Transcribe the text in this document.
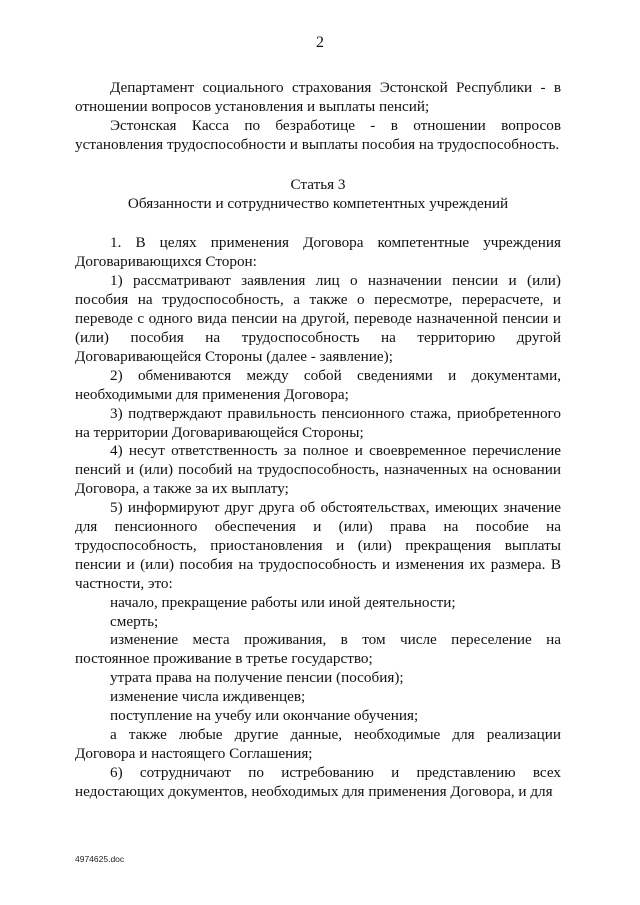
2

Департамент социального страхования Эстонской Республики - в отношении вопросов установления и выплаты пенсий;

Эстонская Касса по безработице - в отношении вопросов установления трудоспособности и выплаты пособия на трудоспособность.

Статья 3

Обязанности и сотрудничество компетентных учреждений

1. В целях применения Договора компетентные учреждения Договаривающихся Сторон:

1) рассматривают заявления лиц о назначении пенсии и (или) пособия на трудоспособность, а также о пересмотре, перерасчете, и переводе с одного вида пенсии на другой, переводе назначенной пенсии и (или) пособия на трудоспособность на территорию другой Договаривающейся Стороны (далее - заявление);

2) обмениваются между собой сведениями и документами, необходимыми для применения Договора;

3) подтверждают правильность пенсионного стажа, приобретенного на территории Договаривающейся Стороны;

4) несут ответственность за полное и своевременное перечисление пенсий и (или) пособий на трудоспособность, назначенных на основании Договора, а также за их выплату;

5) информируют друг друга об обстоятельствах, имеющих значение для пенсионного обеспечения и (или) права на пособие на трудоспособность, приостановления и (или) прекращения выплаты пенсии и (или) пособия на трудоспособность и изменения их размера. В частности, это:

начало, прекращение работы или иной деятельности;

смерть;

изменение места проживания, в том числе переселение на постоянное проживание в третье государство;

утрата права на получение пенсии (пособия);

изменение числа иждивенцев;

поступление на учебу или окончание обучения;

а также любые другие данные, необходимые для реализации Договора и настоящего Соглашения;

6) сотрудничают по истребованию и представлению всех недостающих документов, необходимых для применения Договора, и для

4974625.doc
